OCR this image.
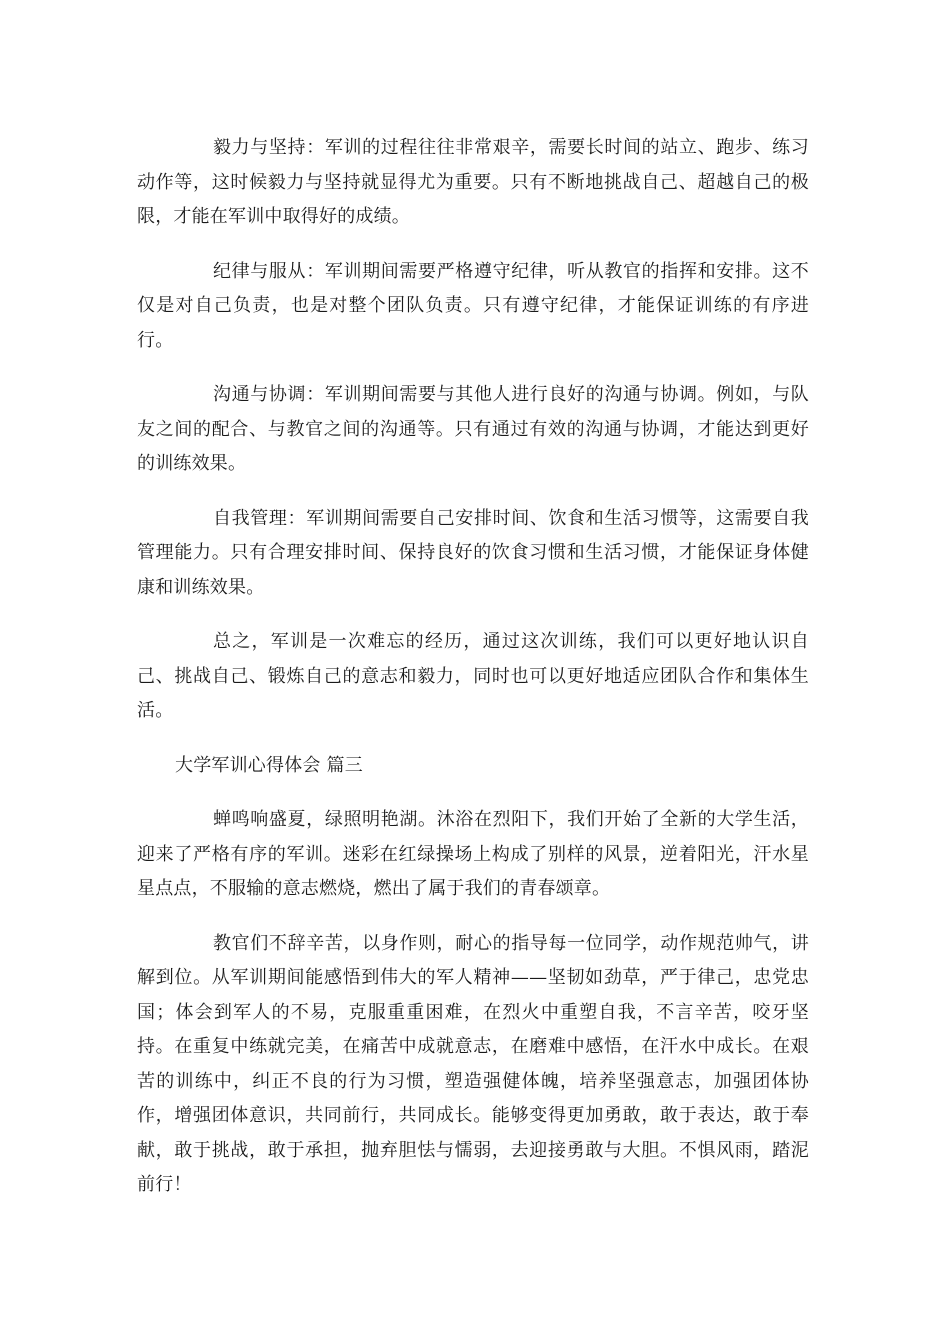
毅力与坚持：军训的过程往往非常艰辛，需要长时间的站立、跑步、练习动作等，这时候毅力与坚持就显得尤为重要。只有不断地挑战自己、超越自己的极限，才能在军训中取得好的成绩。

纪律与服从：军训期间需要严格遵守纪律，听从教官的指挥和安排。这不仅是对自己负责，也是对整个团队负责。只有遵守纪律，才能保证训练的有序进行。

沟通与协调：军训期间需要与其他人进行良好的沟通与协调。例如，与队友之间的配合、与教官之间的沟通等。只有通过有效的沟通与协调，才能达到更好的训练效果。

自我管理：军训期间需要自己安排时间、饮食和生活习惯等，这需要自我管理能力。只有合理安排时间、保持良好的饮食习惯和生活习惯，才能保证身体健康和训练效果。

总之，军训是一次难忘的经历，通过这次训练，我们可以更好地认识自己、挑战自己、锻炼自己的意志和毅力，同时也可以更好地适应团队合作和集体生活。

大学军训心得体会 篇三

蝉鸣响盛夏，绿照明艳湖。沐浴在烈阳下，我们开始了全新的大学生活，迎来了严格有序的军训。迷彩在红绿操场上构成了别样的风景，逆着阳光，汗水星星点点，不服输的意志燃烧，燃出了属于我们的青春颂章。

教官们不辞辛苦，以身作则，耐心的指导每一位同学，动作规范帅气，讲解到位。从军训期间能感悟到伟大的军人精神——坚韧如劲草，严于律己，忠党忠国；体会到军人的不易，克服重重困难，在烈火中重塑自我，不言辛苦，咬牙坚持。在重复中练就完美，在痛苦中成就意志，在磨难中感悟，在汗水中成长。在艰苦的训练中，纠正不良的行为习惯，塑造强健体魄，培养坚强意志，加强团体协作，增强团体意识，共同前行，共同成长。能够变得更加勇敢，敢于表达，敢于奉献，敢于挑战，敢于承担，抛弃胆怯与懦弱，去迎接勇敢与大胆。不惧风雨，踏泥前行！
